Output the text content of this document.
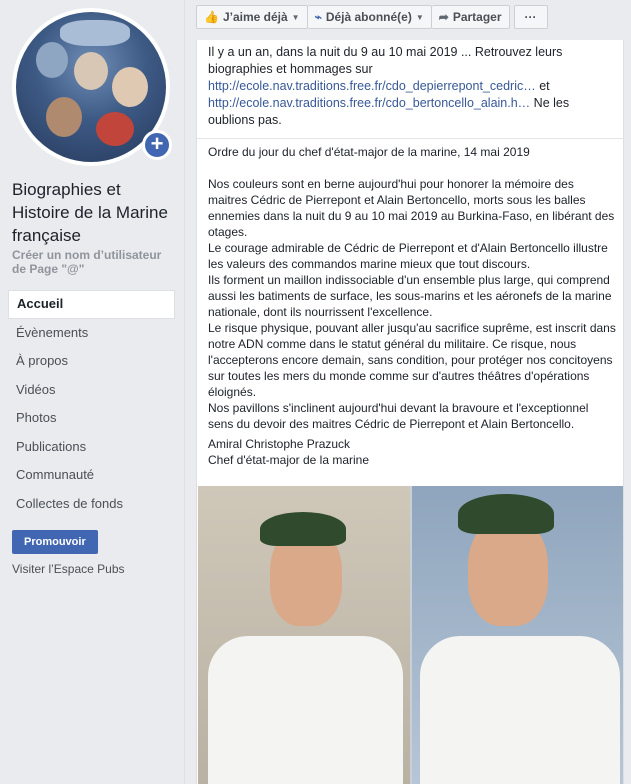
+
Biographies et Histoire de la Marine française
Créer un nom d’utilisateur de Page "@"
Accueil
Évènements
À propos
Vidéos
Photos
Publications
Communauté
Collectes de fonds
Promouvoir
Visiter l’Espace Pubs
👍 J’aime déjà ▼ ⌁ Déjà abonné(e) ▼ ➦ Partager	···
Il y a un an, dans la nuit du 9 au 10 mai 2019 ... Retrouvez leurs biographies et hommages sur http://ecole.nav.traditions.free.fr/cdo_depierrepont_cedric… et http://ecole.nav.traditions.free.fr/cdo_bertoncello_alain.h… Ne les oublions pas.

Ordre du jour du chef d'état-major de la marine, 14 mai 2019

Nos couleurs sont en berne aujourd'hui pour honorer la mémoire des maitres Cédric de Pierrepont et Alain Bertoncello, morts sous les balles ennemies dans la nuit du 9 au 10 mai 2019 au Burkina-Faso, en libérant des otages.

Le courage admirable de Cédric de Pierrepont et d'Alain Bertoncello illustre les valeurs des commandos marine mieux que tout discours.

Ils forment un maillon indissociable d'un ensemble plus large, qui comprend aussi les batiments de surface, les sous-marins et les aéronefs de la marine nationale, dont ils nourrissent l'excellence.

Le risque physique, pouvant aller jusqu'au sacrifice suprême, est inscrit dans notre ADN comme dans le statut général du militaire. Ce risque, nous l'accepterons encore demain, sans condition, pour protéger nos concitoyens sur toutes les mers du monde comme sur d'autres théâtres d'opérations éloignés.

Nos pavillons s'inclinent aujourd'hui devant la bravoure et l'exceptionnel sens du devoir des maitres Cédric de Pierrepont et Alain Bertoncello.

Amiral Christophe Prazuck

Chef d'état-major de la marine
